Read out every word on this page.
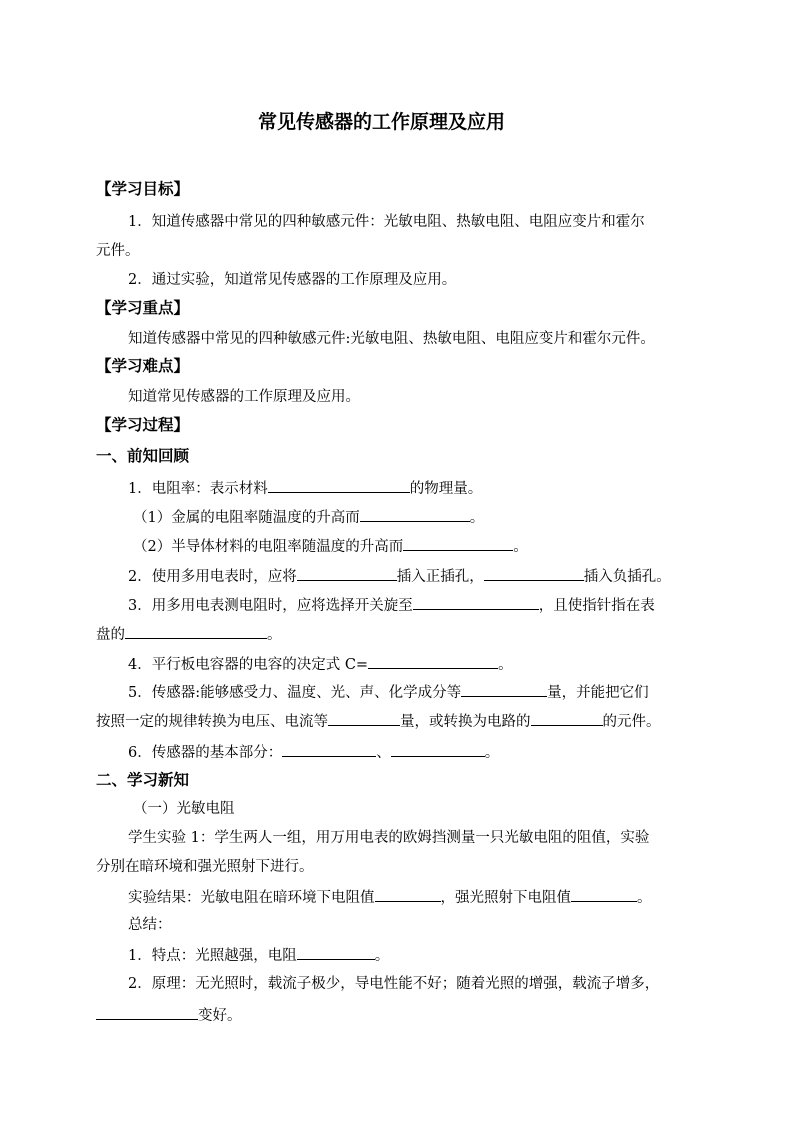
常见传感器的工作原理及应用
【学习目标】
1．知道传感器中常见的四种敏感元件：光敏电阻、热敏电阻、电阻应变片和霍尔
元件。
2．通过实验，知道常见传感器的工作原理及应用。
【学习重点】
知道传感器中常见的四种敏感元件:光敏电阻、热敏电阻、电阻应变片和霍尔元件。
【学习难点】
知道常见传感器的工作原理及应用。
【学习过程】
一、前知回顾
1．电阻率：表示材料	的物理量。
（1）金属的电阻率随温度的升高而	。
（2）半导体材料的电阻率随温度的升高而	。
2．使用多用电表时，应将	插入正插孔，	插入负插孔。
3．用多用电表测电阻时，应将选择开关旋至	，且使指针指在表
盘的	。
4．平行板电容器的电容的决定式 C=	。
5．传感器:能够感受力、温度、光、声、化学成分等	量，并能把它们
按照一定的规律转换为电压、电流等	量，或转换为电路的	的元件。
6．传感器的基本部分：	、	。
二、学习新知
（一）光敏电阻
学生实验 1：学生两人一组，用万用电表的欧姆挡测量一只光敏电阻的阻值，实验
分别在暗环境和强光照射下进行。
实验结果：光敏电阻在暗环境下电阻值	，强光照射下电阻值	。
总结：
1．特点：光照越强，电阻	。
2．原理：无光照时，载流子极少，导电性能不好；随着光照的增强，载流子增多，
变好。
